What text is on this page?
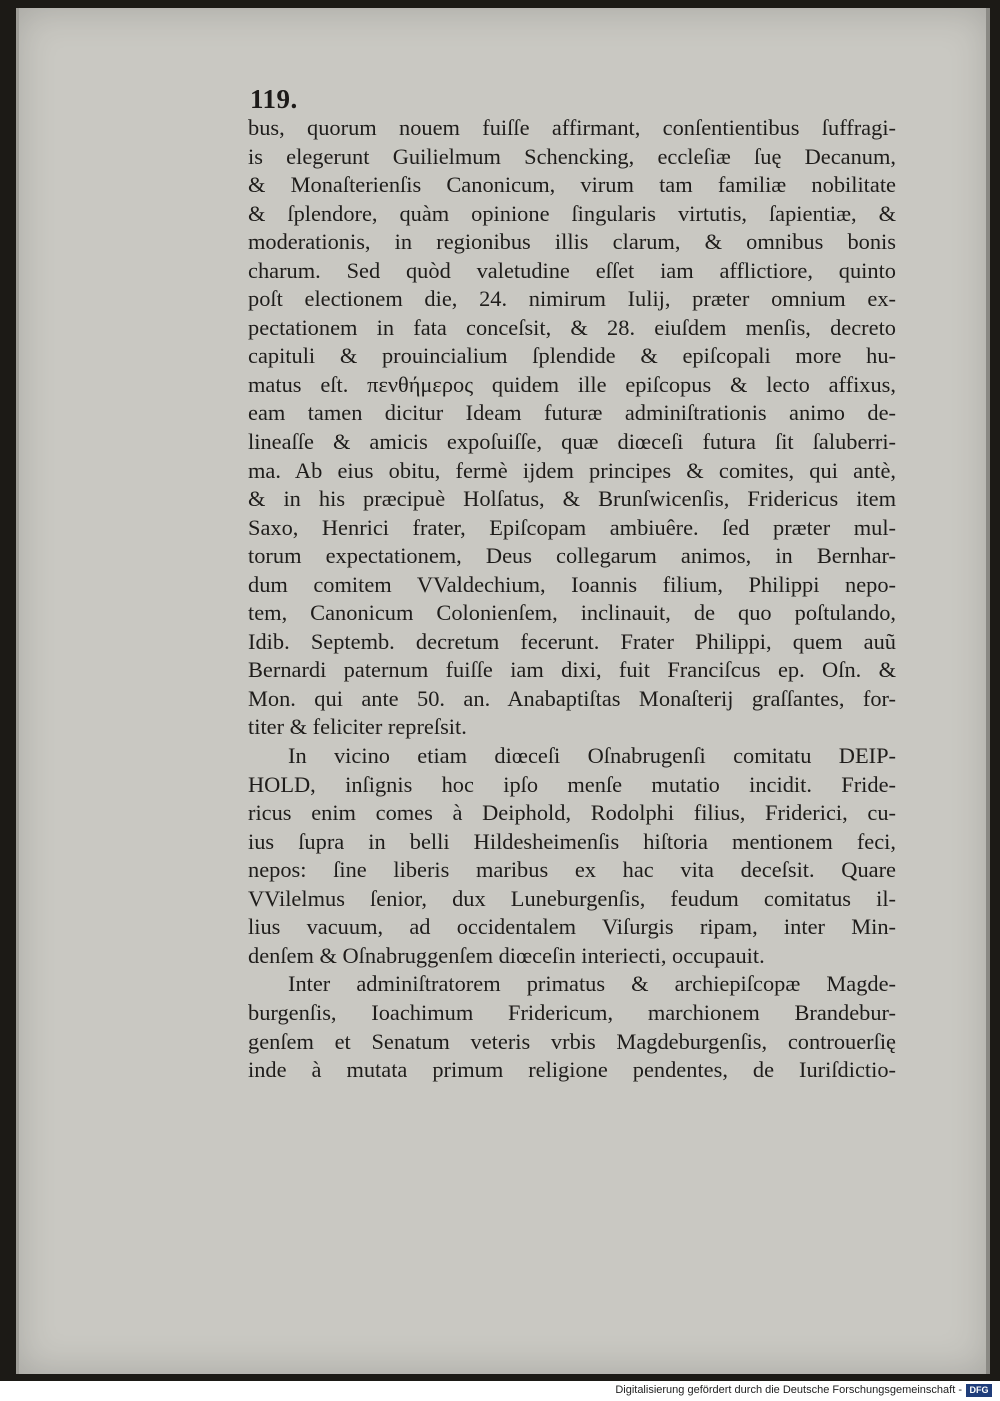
119.
bus, quorum nouem fuiſſe affirmant, conſentientibus ſuffragi-
is elegerunt Guilielmum Schencking, eccleſiæ ſuę Decanum,
& Monaſterienſis Canonicum, virum tam familiæ nobilitate
& ſplendore, quàm opinione ſingularis virtutis, ſapientiæ, &
moderationis, in regionibus illis clarum, & omnibus bonis
charum. Sed quòd valetudine eſſet iam afflictiore, quinto
poſt electionem die, 24. nimirum Iulij, præter omnium ex-
pectationem in fata conceſsit, & 28. eiuſdem menſis, decreto
capituli & prouincialium ſplendide & epiſcopali more hu-
matus eſt. πενθήμερος quidem ille epiſcopus & lecto affixus,
eam tamen dicitur Ideam futuræ adminiſtrationis animo de-
lineaſſe & amicis expoſuiſſe, quæ diœceſi futura ſit ſaluberri-
ma. Ab eius obitu, fermè ijdem principes & comites, qui antè,
& in his præcipuè Holſatus, & Brunſwicenſis, Fridericus item
Saxo, Henrici frater, Epiſcopam ambiuêre. ſed præter mul-
torum expectationem, Deus collegarum animos, in Bernhar-
dum comitem VValdechium, Ioannis filium, Philippi nepo-
tem, Canonicum Colonienſem, inclinauit, de quo poſtulando,
Idib. Septemb. decretum fecerunt. Frater Philippi, quem auũ
Bernardi paternum fuiſſe iam dixi, fuit Franciſcus ep. Oſn. &
Mon. qui ante 50. an. Anabaptiſtas Monaſterij graſſantes, for-
titer & feliciter repreſsit.
In vicino etiam diœceſi Oſnabrugenſi comitatu DEIP-
HOLD, inſignis hoc ipſo menſe mutatio incidit. Fride-
ricus enim comes à Deiphold, Rodolphi filius, Friderici, cu-
ius ſupra in belli Hildesheimenſis hiſtoria mentionem feci,
nepos: ſine liberis maribus ex hac vita deceſsit. Quare
VVilelmus ſenior, dux Luneburgenſis, feudum comitatus il-
lius vacuum, ad occidentalem Viſurgis ripam, inter Min-
denſem & Oſnabruggenſem diœceſin interiecti, occupauit.
Inter adminiſtratorem primatus & archiepiſcopæ Magde-
burgenſis, Ioachimum Fridericum, marchionem Brandebur-
genſem et Senatum veteris vrbis Magdeburgenſis, controuerſię
inde à mutata primum religione pendentes, de Iuriſdictio-
Digitalisierung gefördert durch die Deutsche Forschungsgemeinschaft - DFG
